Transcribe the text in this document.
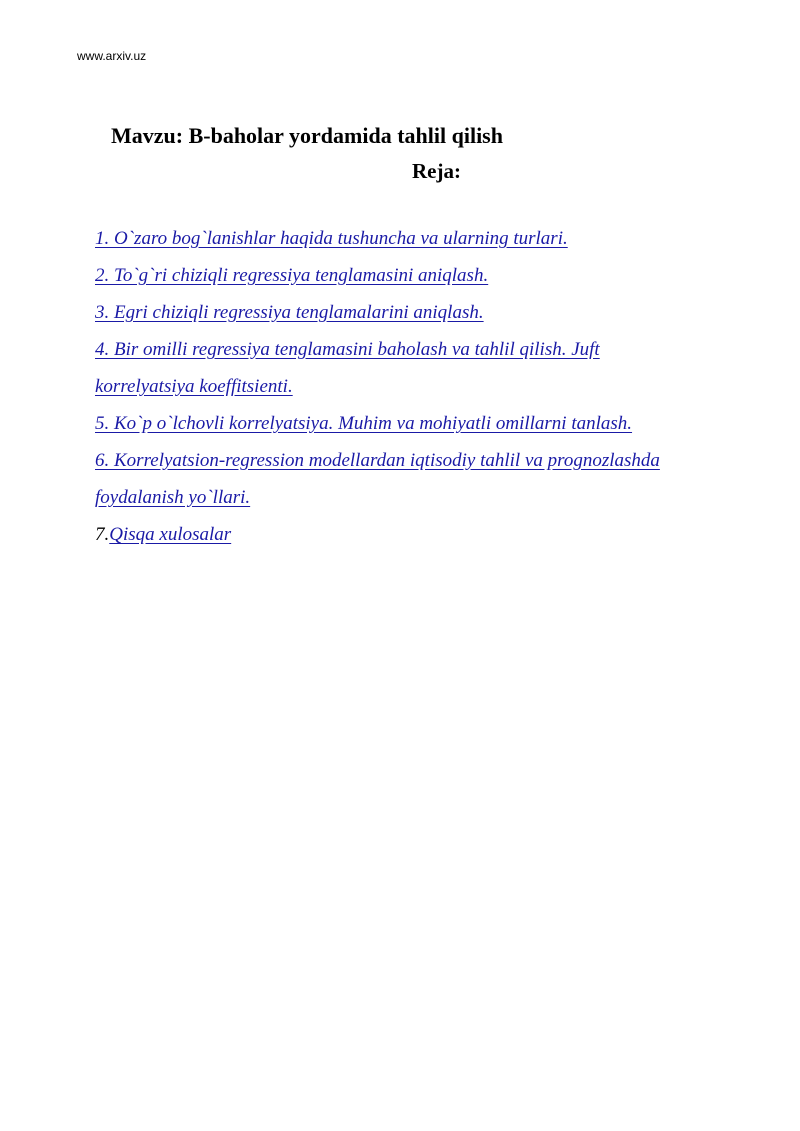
www.arxiv.uz
Mavzu: B-baholar yordamida tahlil qilish
Reja:
1. O`zaro bog`lanishlar haqida tushuncha va ularning turlari.
2. To`g`ri chiziqli regressiya tenglamasini aniqlash.
3. Egri chiziqli regressiya tenglamalarini aniqlash.
4. Bir omilli regressiya tenglamasini baholash va tahlil qilish. Juft
korrelyatsiya koeffitsienti.
5. Ko`p o`lchovli korrelyatsiya. Muhim va mohiyatli omillarni tanlash.
6. Korrelyatsion-regression modellardan iqtisodiy tahlil va prognozlashda
foydalanish yo`llari.
7.Qisqa xulosalar
